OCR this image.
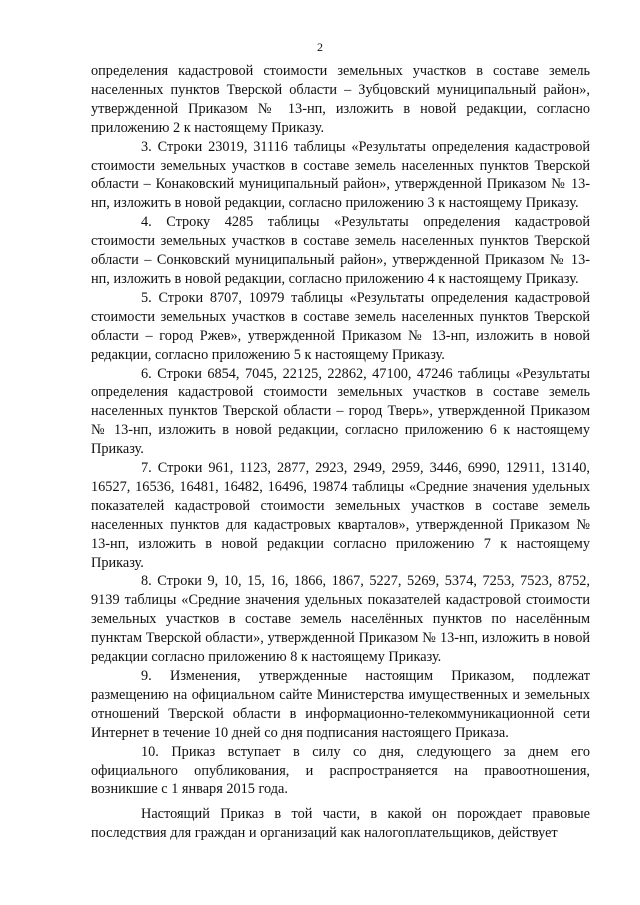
2

определения кадастровой стоимости земельных участков в составе земель населенных пунктов Тверской области – Зубцовский муниципальный район», утвержденной Приказом № 13-нп, изложить в новой редакции, согласно приложению 2 к настоящему Приказу.

3. Строки 23019, 31116 таблицы «Результаты определения кадастровой стоимости земельных участков в составе земель населенных пунктов Тверской области – Конаковский муниципальный район», утвержденной Приказом № 13-нп, изложить в новой редакции, согласно приложению 3 к настоящему Приказу.

4. Строку 4285 таблицы «Результаты определения кадастровой стоимости земельных участков в составе земель населенных пунктов Тверской области – Сонковский муниципальный район», утвержденной Приказом № 13-нп, изложить в новой редакции, согласно приложению 4 к настоящему Приказу.

5. Строки 8707, 10979 таблицы «Результаты определения кадастровой стоимости земельных участков в составе земель населенных пунктов Тверской области – город Ржев», утвержденной Приказом № 13-нп, изложить в новой редакции, согласно приложению 5 к настоящему Приказу.

6. Строки 6854, 7045, 22125, 22862, 47100, 47246 таблицы «Результаты определения кадастровой стоимости земельных участков в составе земель населенных пунктов Тверской области – город Тверь», утвержденной Приказом № 13-нп, изложить в новой редакции, согласно приложению 6 к настоящему Приказу.

7. Строки 961, 1123, 2877, 2923, 2949, 2959, 3446, 6990, 12911, 13140, 16527, 16536, 16481, 16482, 16496, 19874 таблицы «Средние значения удельных показателей кадастровой стоимости земельных участков в составе земель населенных пунктов для кадастровых кварталов», утвержденной Приказом № 13-нп, изложить в новой редакции согласно приложению 7 к настоящему Приказу.

8. Строки 9, 10, 15, 16, 1866, 1867, 5227, 5269, 5374, 7253, 7523, 8752, 9139 таблицы «Средние значения удельных показателей кадастровой стоимости земельных участков в составе земель населённых пунктов по населённым пунктам Тверской области», утвержденной Приказом № 13-нп, изложить в новой редакции согласно приложению 8 к настоящему Приказу.

9. Изменения, утвержденные настоящим Приказом, подлежат размещению на официальном сайте Министерства имущественных и земельных отношений Тверской области в информационно-телекоммуникационной сети Интернет в течение 10 дней со дня подписания настоящего Приказа.

10. Приказ вступает в силу со дня, следующего за днем его официального опубликования, и распространяется на правоотношения, возникшие с 1 января 2015 года.

Настоящий Приказ в той части, в какой он порождает правовые последствия для граждан и организаций как налогоплательщиков, действует
